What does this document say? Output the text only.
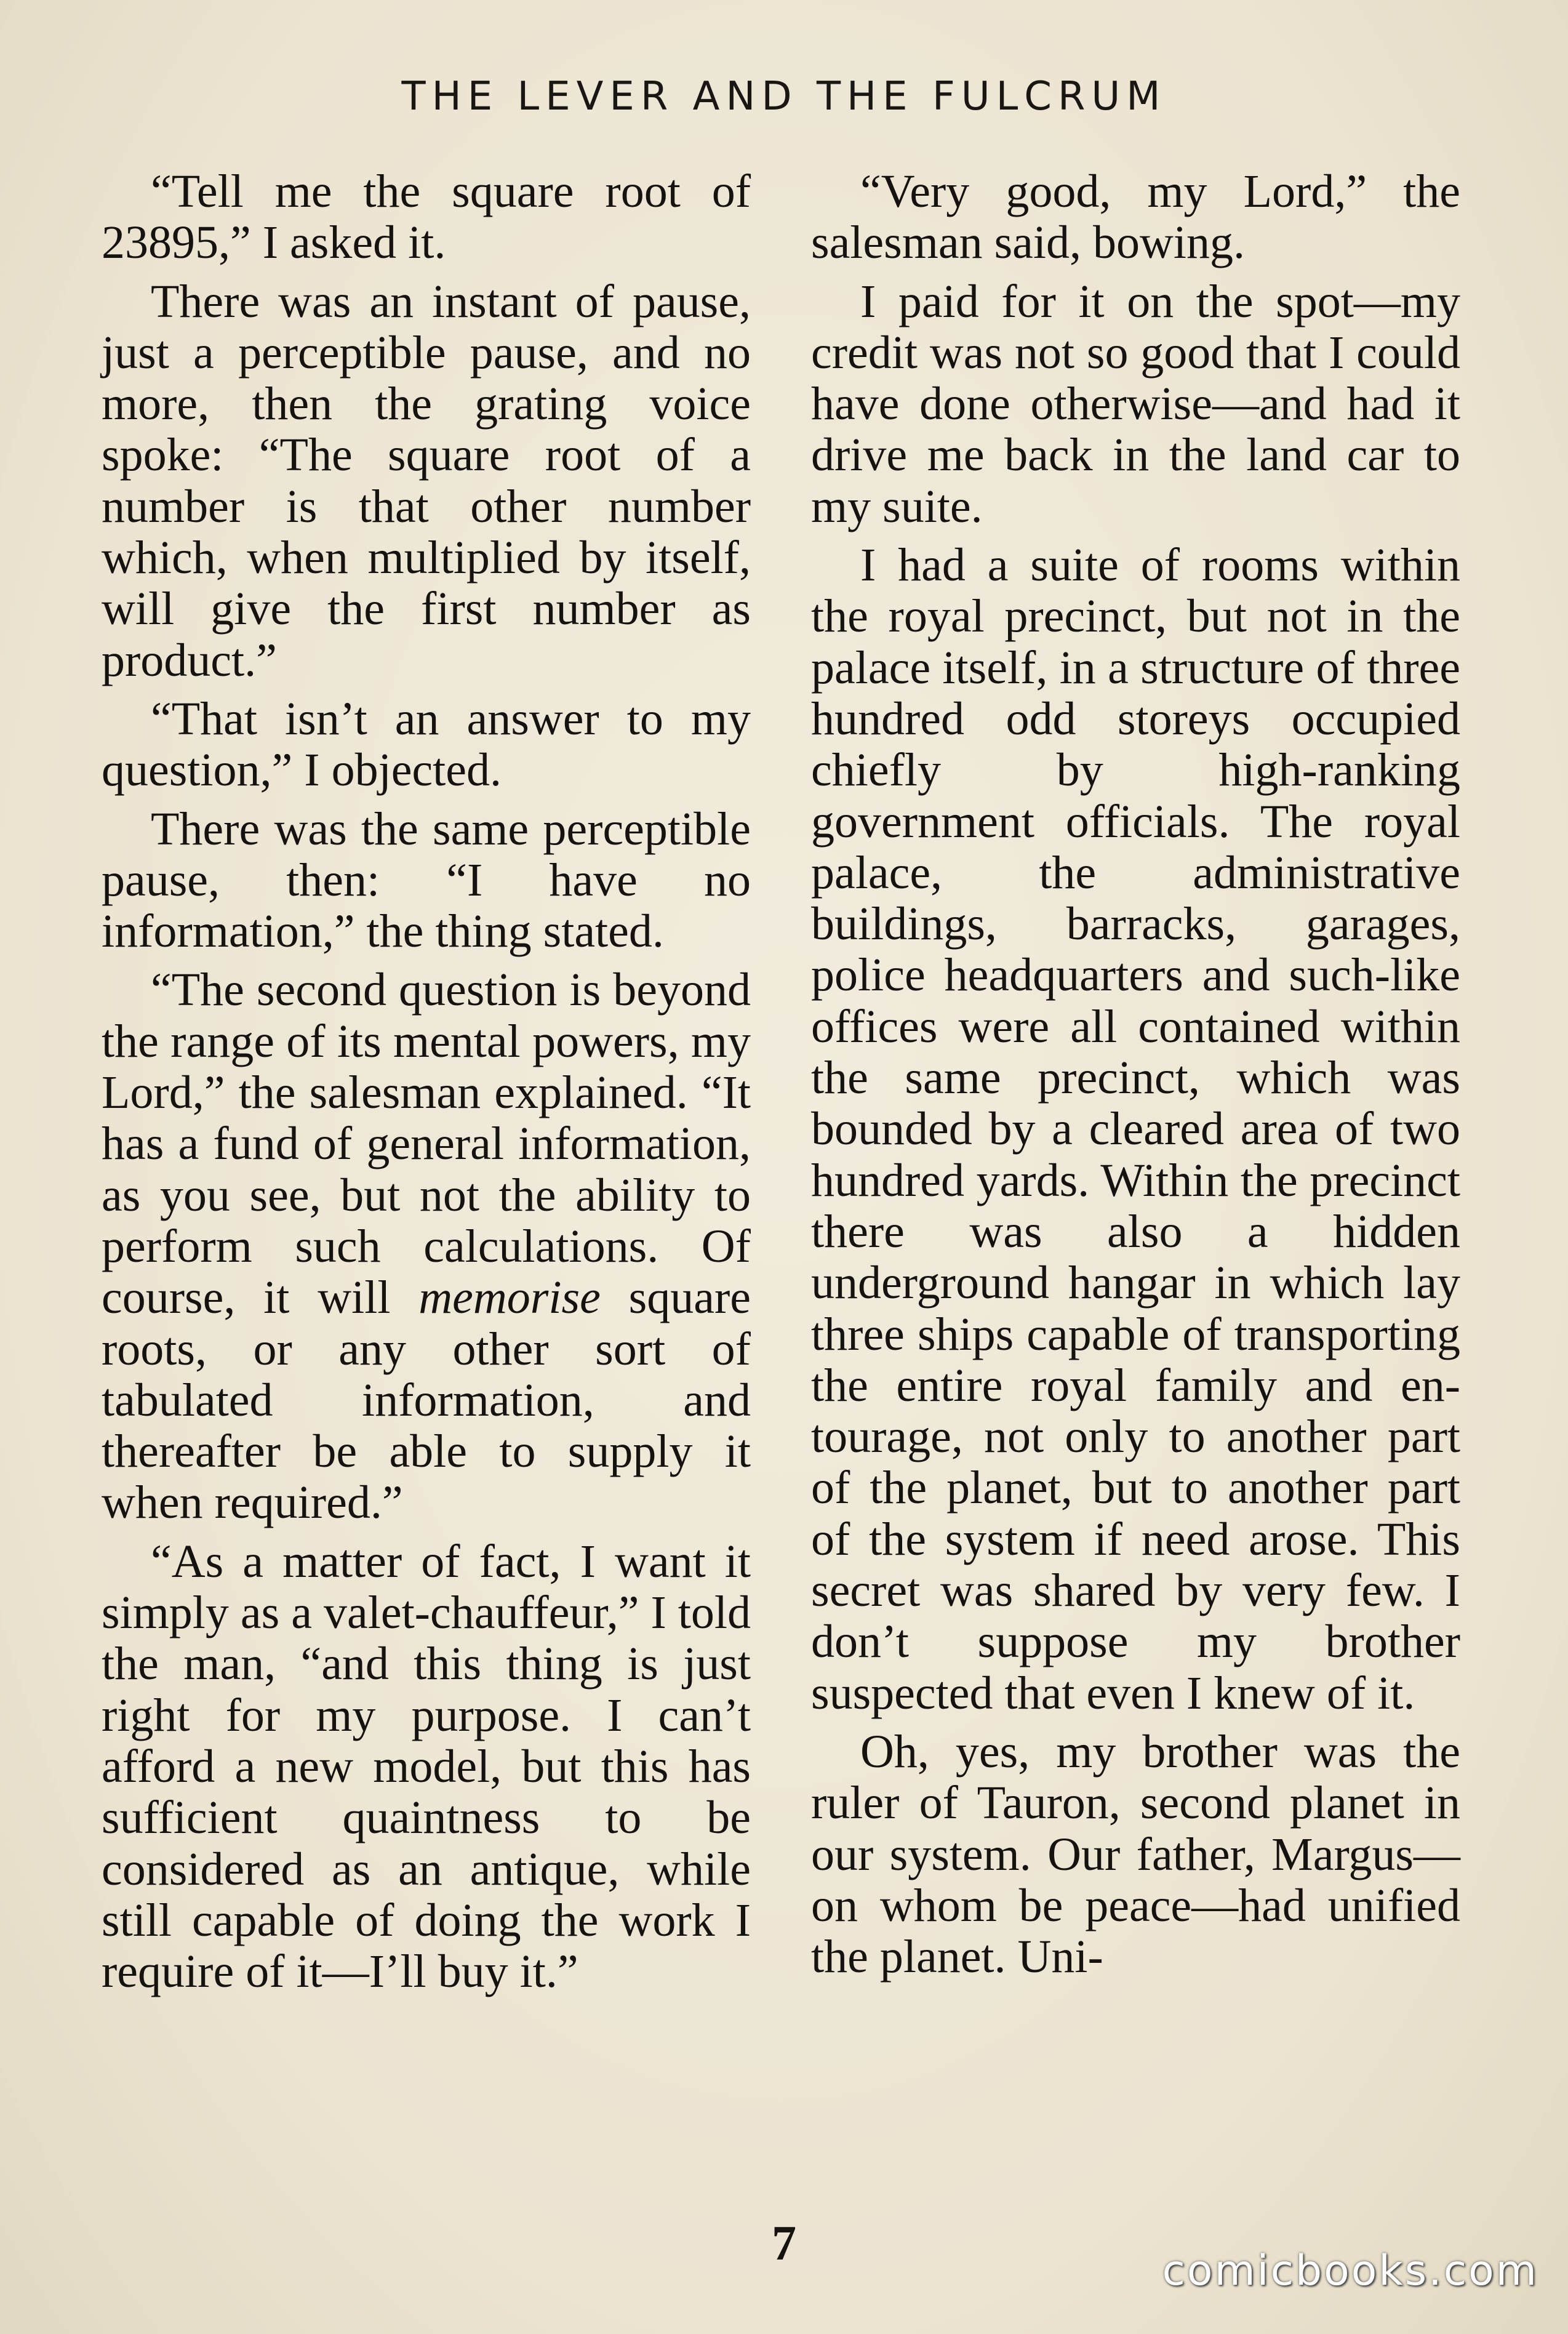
THE LEVER AND THE FULCRUM

“Tell me the square root of 23895,” I asked it.

There was an instant of pause, just a perceptible pause, and no more, then the grating voice spoke: “The square root of a number is that other number which, when multiplied by itself, will give the first number as product.”

“That isn’t an answer to my question,” I objected.

There was the same perceptible pause, then: “I have no information,” the thing stated.

“The second question is beyond the range of its mental powers, my Lord,” the salesman explained. “It has a fund of general information, as you see, but not the ability to perform such calculations. Of course, it will memorise square roots, or any other sort of tabulated information, and thereafter be able to supply it when required.”

“As a matter of fact, I want it simply as a valet-chauffeur,” I told the man, “and this thing is just right for my purpose. I can’t afford a new model, but this has sufficient quaintness to be considered as an antique, while still capable of doing the work I require of it—I’ll buy it.”

“Very good, my Lord,” the salesman said, bowing.

I paid for it on the spot—my credit was not so good that I could have done otherwise—and had it drive me back in the land car to my suite.

I had a suite of rooms within the royal precinct, but not in the palace itself, in a structure of three hundred odd storeys occupied chiefly by high-ranking government officials. The royal palace, the administrative buildings, barracks, garages, police headquarters and such-like offices were all contained within the same precinct, which was bounded by a cleared area of two hundred yards. Within the precinct there was also a hidden underground hangar in which lay three ships capable of transporting the entire royal family and entourage, not only to another part of the planet, but to another part of the system if need arose. This secret was shared by very few. I don’t suppose my brother suspected that even I knew of it.

Oh, yes, my brother was the ruler of Tauron, second planet in our system. Our father, Margus—on whom be peace—had unified the planet. Uni-

7
comicbooks.com
